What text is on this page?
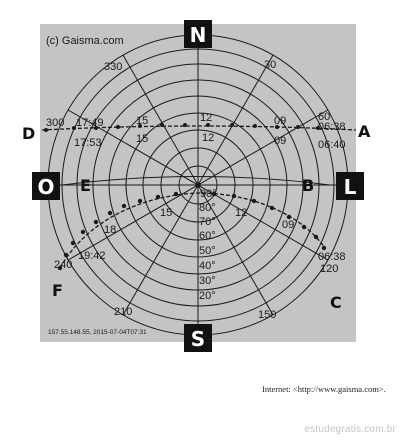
(c) Gaisma.com
330	30
300	60
240	120
210	150
90°
80°
70°
60°
50°
40°
30°
20°
15	12	09
15	12	09
17:49
17:53
06:38
06:40
18
15	12
09
19:42	06:38
D	A
E	B
F
C
N
S
O	L
157.55.148.55, 2015-07-04T07:31
Internet: <http://www.gaisma.com>.
estudegratis.com.br
